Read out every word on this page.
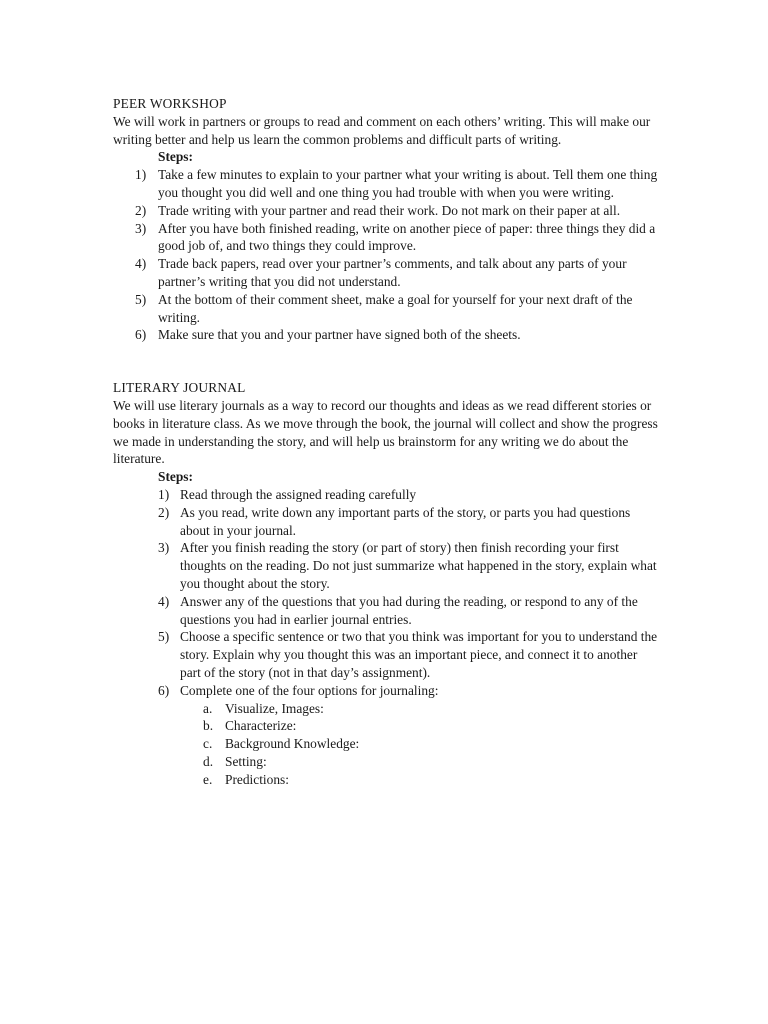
PEER WORKSHOP

We will work in partners or groups to read and comment on each others’ writing. This will make our writing better and help us learn the common problems and difficult parts of writing.

Steps:
1) Take a few minutes to explain to your partner what your writing is about. Tell them one thing you thought you did well and one thing you had trouble with when you were writing.
2) Trade writing with your partner and read their work. Do not mark on their paper at all.
3) After you have both finished reading, write on another piece of paper: three things they did a good job of, and two things they could improve.
4) Trade back papers, read over your partner’s comments, and talk about any parts of your partner’s writing that you did not understand.
5) At the bottom of their comment sheet, make a goal for yourself for your next draft of the writing.
6) Make sure that you and your partner have signed both of the sheets.
LITERARY JOURNAL

We will use literary journals as a way to record our thoughts and ideas as we read different stories or books in literature class. As we move through the book, the journal will collect and show the progress we made in understanding the story, and will help us brainstorm for any writing we do about the literature.

Steps:
1) Read through the assigned reading carefully
2) As you read, write down any important parts of the story, or parts you had questions about in your journal.
3) After you finish reading the story (or part of story) then finish recording your first thoughts on the reading. Do not just summarize what happened in the story, explain what you thought about the story.
4) Answer any of the questions that you had during the reading, or respond to any of the questions you had in earlier journal entries.
5) Choose a specific sentence or two that you think was important for you to understand the story. Explain why you thought this was an important piece, and connect it to another part of the story (not in that day’s assignment).
6) Complete one of the four options for journaling:
a. Visualize, Images:
b. Characterize:
c. Background Knowledge:
d. Setting:
e. Predictions:
